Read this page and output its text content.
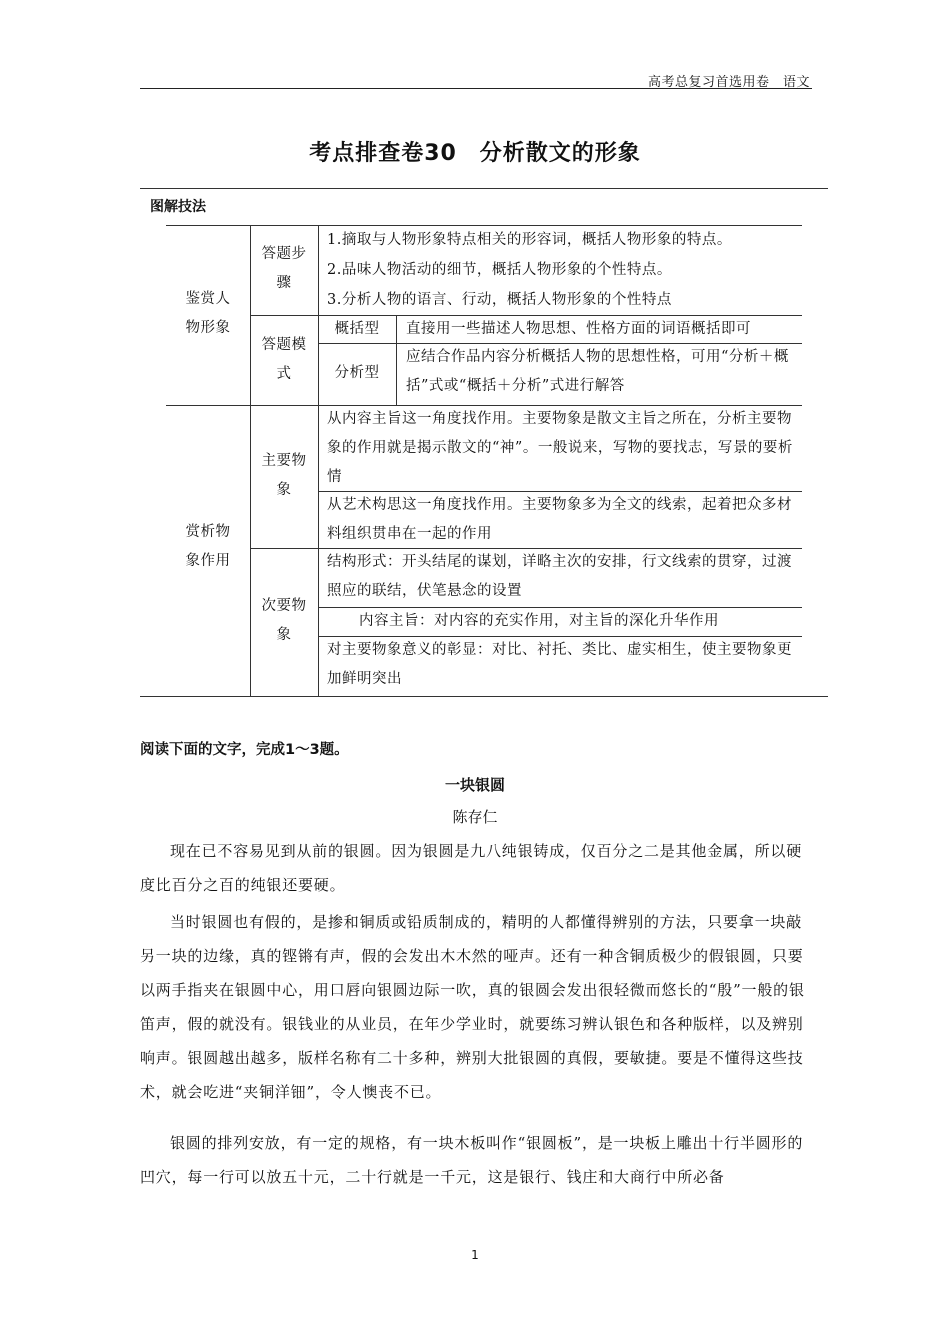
高考总复习首选用卷　语文
考点排查卷30　分析散文的形象
图解技法
鉴赏人
物形象
答题步
骤
1.摘取与人物形象特点相关的形容词，概括人物形象的特点。
2.品味人物活动的细节，概括人物形象的个性特点。
3.分析人物的语言、行动，概括人物形象的个性特点
答题模
式
概括型	直接用一些描述人物思想、性格方面的词语概括即可
分析型
应结合作品内容分析概括人物的思想性格，可用“分析＋概括”式或“概括＋分析”式进行解答
赏析物
象作用
主要物
象
从内容主旨这一角度找作用。主要物象是散文主旨之所在，分析主要物象的作用就是揭示散文的“神”。一般说来，写物的要找志，写景的要析情
从艺术构思这一角度找作用。主要物象多为全文的线索，起着把众多材料组织贯串在一起的作用
次要物
象
结构形式：开头结尾的谋划，详略主次的安排，行文线索的贯穿，过渡照应的联结，伏笔悬念的设置
内容主旨：对内容的充实作用，对主旨的深化升华作用
对主要物象意义的彰显：对比、衬托、类比、虚实相生，使主要物象更加鲜明突出
阅读下面的文字，完成1～3题。
一块银圆
陈存仁
现在已不容易见到从前的银圆。因为银圆是九八纯银铸成，仅百分之二是其他金属，所以硬度比百分之百的纯银还要硬。
当时银圆也有假的，是掺和铜质或铅质制成的，精明的人都懂得辨别的方法，只要拿一块敲另一块的边缘，真的铿锵有声，假的会发出木木然的哑声。还有一种含铜质极少的假银圆，只要以两手指夹在银圆中心，用口唇向银圆边际一吹，真的银圆会发出很轻微而悠长的“殷”一般的银笛声，假的就没有。银钱业的从业员，在年少学业时，就要练习辨认银色和各种版样，以及辨别响声。银圆越出越多，版样名称有二十多种，辨别大批银圆的真假，要敏捷。要是不懂得这些技术，就会吃进“夹铜洋钿”，令人懊丧不已。
银圆的排列安放，有一定的规格，有一块木板叫作“银圆板”，是一块板上雕出十行半圆形的凹穴，每一行可以放五十元，二十行就是一千元，这是银行、钱庄和大商行中所必备
1
